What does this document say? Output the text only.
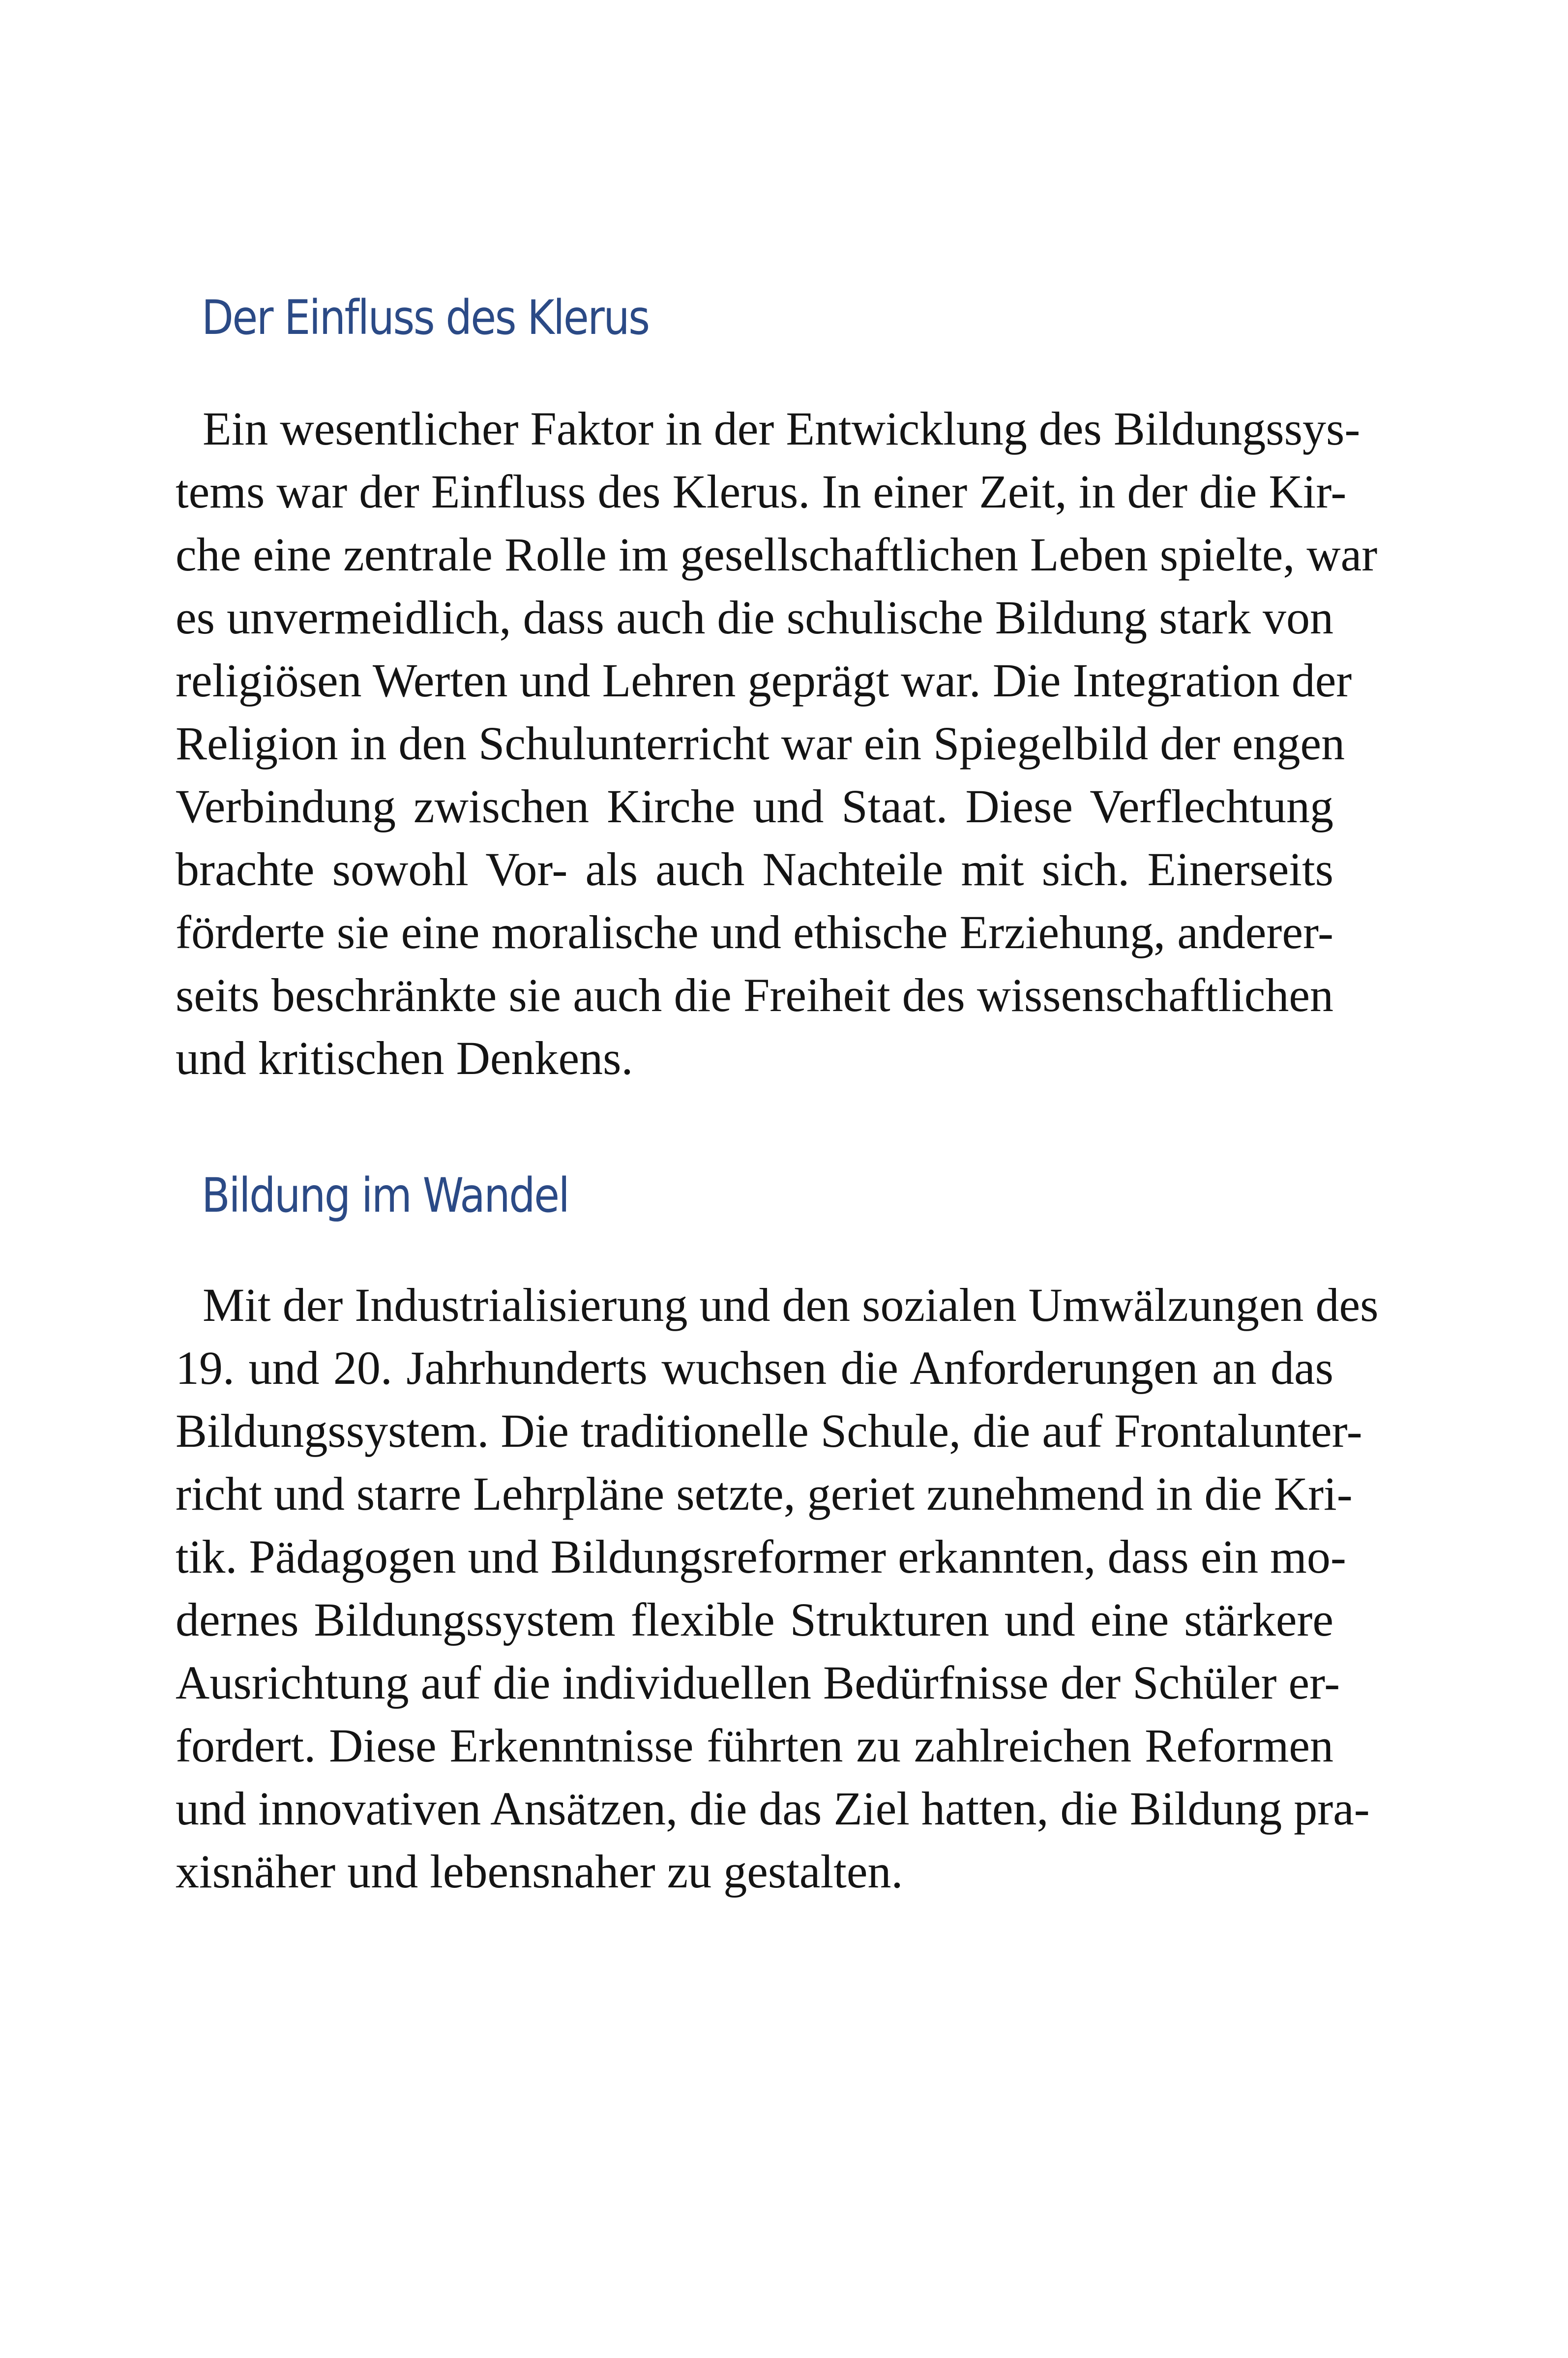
Der Einfluss des Klerus
Ein wesentlicher Faktor in der Entwicklung des Bildungssys-
tems war der Einfluss des Klerus. In einer Zeit, in der die Kir-
che eine zentrale Rolle im gesellschaftlichen Leben spielte, war
es unvermeidlich, dass auch die schulische Bildung stark von
religiösen Werten und Lehren geprägt war. Die Integration der
Religion in den Schulunterricht war ein Spiegelbild der engen
Verbindung zwischen Kirche und Staat. Diese Verflechtung
brachte sowohl Vor- als auch Nachteile mit sich. Einerseits
förderte sie eine moralische und ethische Erziehung, anderer-
seits beschränkte sie auch die Freiheit des wissenschaftlichen
und kritischen Denkens.
Bildung im Wandel
Mit der Industrialisierung und den sozialen Umwälzungen des
19. und 20. Jahrhunderts wuchsen die Anforderungen an das
Bildungssystem. Die traditionelle Schule, die auf Frontalunter-
richt und starre Lehrpläne setzte, geriet zunehmend in die Kri-
tik. Pädagogen und Bildungsreformer erkannten, dass ein mo-
dernes Bildungssystem flexible Strukturen und eine stärkere
Ausrichtung auf die individuellen Bedürfnisse der Schüler er-
fordert. Diese Erkenntnisse führten zu zahlreichen Reformen
und innovativen Ansätzen, die das Ziel hatten, die Bildung pra-
xisnäher und lebensnaher zu gestalten.
